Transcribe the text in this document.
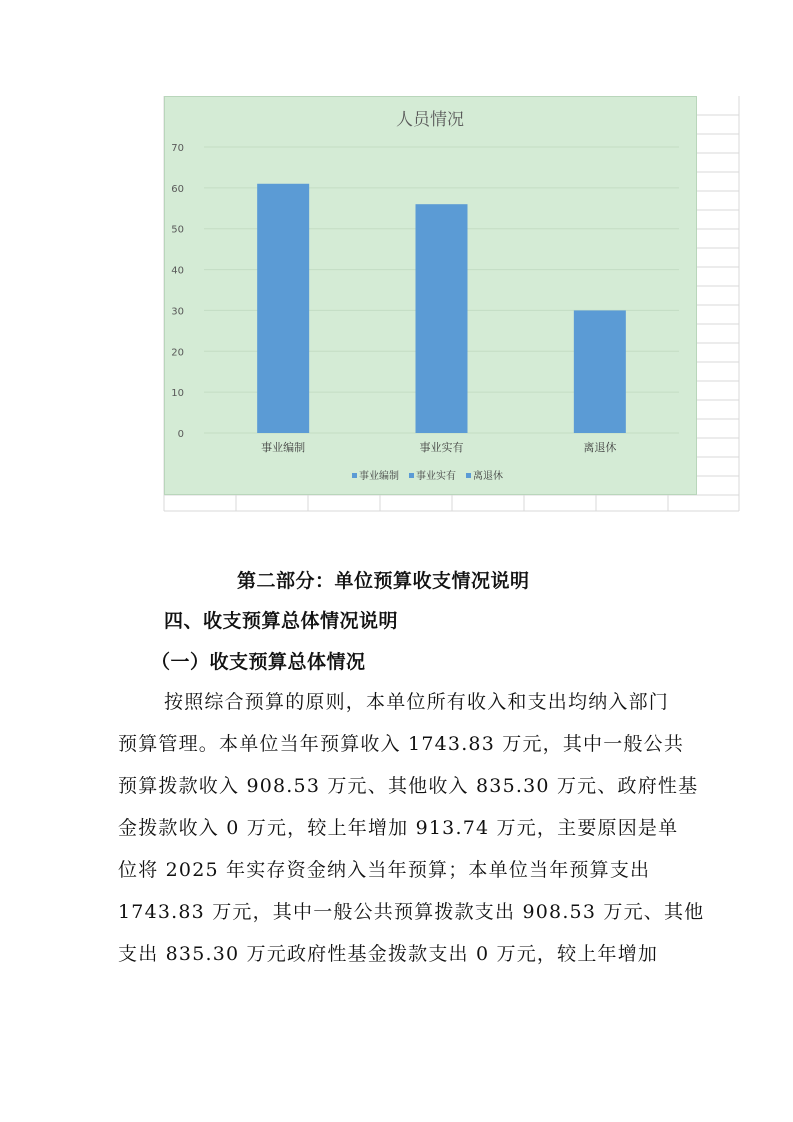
人员情况
0
10
20
30
40
50
60
70
事业编制	事业实有	离退休
事业编制 事业实有 离退休
第二部分：单位预算收支情况说明
四、收支预算总体情况说明
（一）收支预算总体情况
按照综合预算的原则，本单位所有收入和支出均纳入部门
预算管理。本单位当年预算收入 1743.83 万元，其中一般公共
预算拨款收入 908.53 万元、其他收入 835.30 万元、政府性基
金拨款收入 0 万元，较上年增加 913.74 万元，主要原因是单
位将 2025 年实存资金纳入当年预算；本单位当年预算支出
1743.83 万元，其中一般公共预算拨款支出 908.53 万元、其他
支出 835.30 万元政府性基金拨款支出 0 万元，较上年增加
